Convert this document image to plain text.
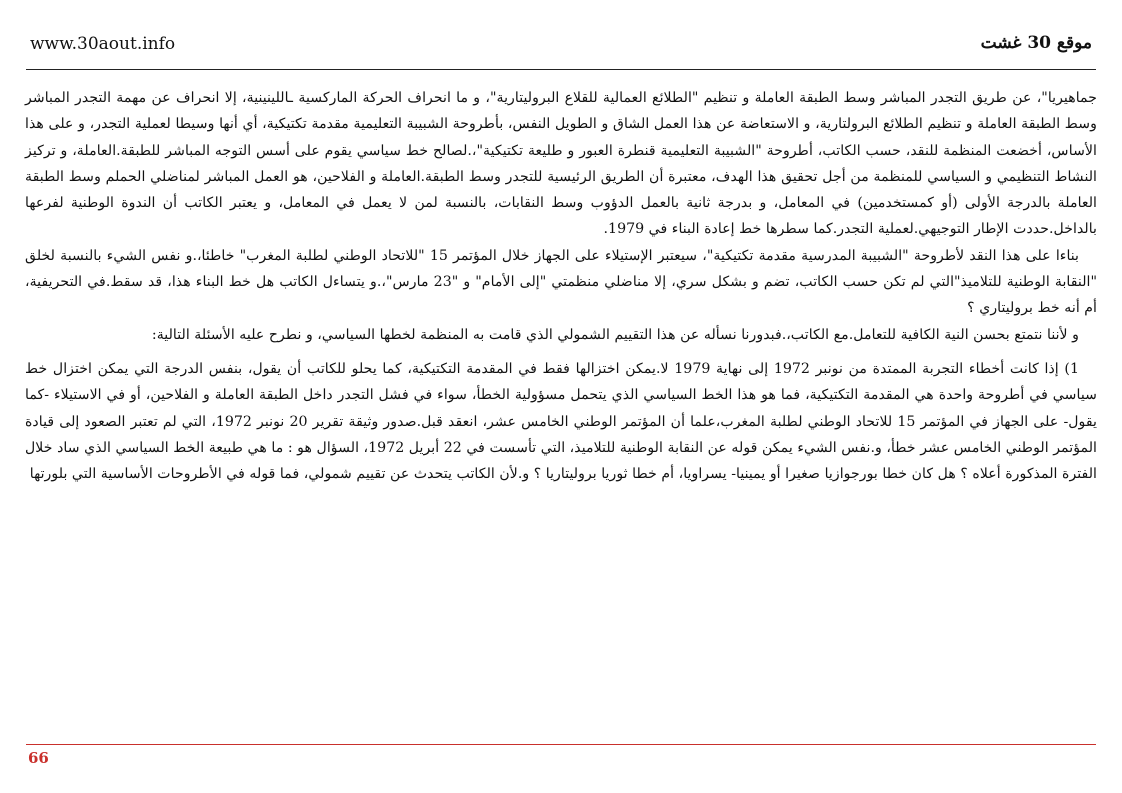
www.30aout.info	موقع 30 غشت

جماهيريا"، عن طريق التجدر المباشر وسط الطبقة العاملة و تنظيم "الطلائع العمالية للقلاع البروليتارية"، و ما انحراف الحركة الماركسية ـاللينينية، إلا انحراف عن مهمة التجدر المباشر وسط الطبقة العاملة و تنظيم الطلائع البرولتارية، و الاستعاضة عن هذا العمل الشاق و الطويل النفس، بأطروحة الشبيبة التعليمية مقدمة تكتيكية، أي أنها وسيطا لعملية التجدر، و على هذا الأساس، أخضعت المنظمة للنقد، حسب الكاتب، أطروحة "الشبيبة التعليمية قنطرة العبور و طليعة تكتيكية"،.لصالح خط سياسي يقوم على أسس التوجه المباشر للطبقة.العاملة، و تركيز النشاط التنظيمي و السياسي للمنظمة من أجل تحقيق هذا الهدف، معتبرة أن الطريق الرئيسية للتجدر وسط الطبقة.العاملة و الفلاحين، هو العمل المباشر لمناضلي الحملم وسط الطبقة العاملة بالدرجة الأولى (أو كمستخدمين) في المعامل، و بدرجة ثانية بالعمل الدؤوب وسط النقابات، بالنسبة لمن لا يعمل في المعامل، و يعتبر الكاتب أن الندوة الوطنية لفرعها بالداخل.حددت الإطار التوجيهي.لعملية التجدر.كما سطرها خط إعادة البناء في 1979.

بناءا على هذا النقد لأطروحة "الشبيبة المدرسية مقدمة تكتيكية"، سيعتبر الإستيلاء على الجهاز خلال المؤتمر 15 "للاتحاد الوطني لطلبة المغرب" خاطئا،.و نفس الشيء بالنسبة لخلق "النقابة الوطنية للتلاميذ"التي لم تكن حسب الكاتب، تضم و بشكل سري، إلا مناضلي منظمتي "إلى الأمام" و "23 مارس"،.و يتساءل الكاتب هل خط البناء هذا، قد سقط.في التحريفية، أم أنه خط بروليتاري ؟

و لأننا نتمتع بحسن النية الكافية للتعامل.مع الكاتب،.فبدورنا نسأله عن هذا التقييم الشمولي الذي قامت به المنظمة لخطها السياسي، و نطرح عليه الأسئلة التالية:

1) إذا كانت أخطاء التجربة الممتدة من نونبر 1972 إلى نهاية 1979 لا.يمكن اختزالها فقط في المقدمة التكتيكية، كما يحلو للكاتب أن يقول، بنفس الدرجة التي يمكن اختزال خط سياسي في أطروحة واحدة هي المقدمة التكتيكية، فما هو هذا الخط السياسي الذي يتحمل مسؤولية الخطأ، سواء في فشل التجدر داخل الطبقة العاملة و الفلاحين، أو في الاستيلاء -كما يقول- على الجهاز في المؤتمر 15 للاتحاد الوطني لطلبة المغرب،علما أن المؤتمر الوطني الخامس عشر، انعقد قبل.صدور وثيقة تقرير 20 نونبر 1972، التي لم تعتبر الصعود إلى قيادة المؤتمر الوطني الخامس عشر خطأ، و.نفس الشيء يمكن قوله عن النقابة الوطنية للتلاميذ، التي تأسست في 22 أبريل 1972، السؤال هو : ما هي طبيعة الخط السياسي الذي ساد خلال الفترة المذكورة أعلاه ؟ هل كان خطا بورجوازيا صغيرا أو يمينيا- يسراويا، أم خطا ثوريا بروليتاريا ؟ و.لأن الكاتب يتحدث عن تقييم شمولي، فما قوله في الأطروحات الأساسية التي بلورتها

66
